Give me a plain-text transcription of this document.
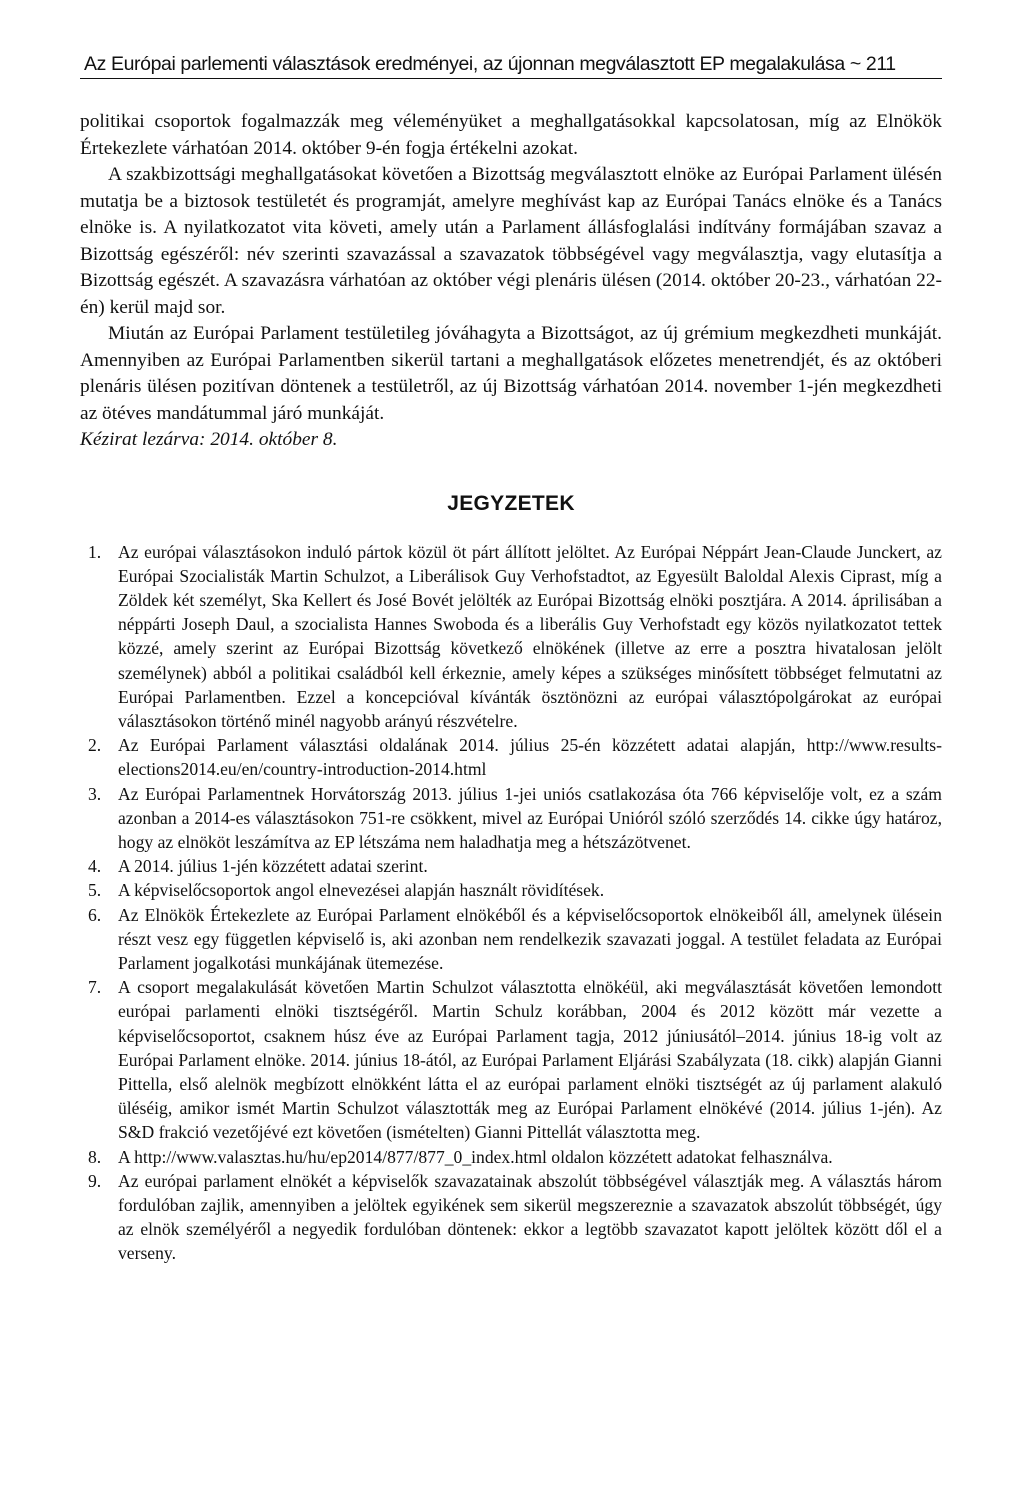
Az Európai parlementi választások eredményei, az újonnan megválasztott EP megalakulása ~ 211

politikai csoportok fogalmazzák meg véleményüket a meghallgatásokkal kapcsolatosan, míg az Elnökök Értekezlete várhatóan 2014. október 9-én fogja értékelni azokat.

A szakbizottsági meghallgatásokat követően a Bizottság megválasztott elnöke az Európai Parlament ülésén mutatja be a biztosok testületét és programját, amelyre meghívást kap az Európai Tanács elnöke és a Tanács elnöke is. A nyilatkozatot vita követi, amely után a Parlament állásfoglalási indítvány formájában szavaz a Bizottság egészéről: név szerinti szavazással a szavazatok többségével vagy megválasztja, vagy elutasítja a Bizottság egészét. A szavazásra várhatóan az október végi plenáris ülésen (2014. október 20-23., várhatóan 22-én) kerül majd sor.

Miután az Európai Parlament testületileg jóváhagyta a Bizottságot, az új grémium megkezdheti munkáját. Amennyiben az Európai Parlamentben sikerül tartani a meghallgatások előzetes menetrendjét, és az októberi plenáris ülésen pozitívan döntenek a testületről, az új Bizottság várhatóan 2014. november 1-jén megkezdheti az ötéves mandátummal járó munkáját.

Kézirat lezárva: 2014. október 8.

JEGYZETEK
1. Az európai választásokon induló pártok közül öt párt állított jelöltet. Az Európai Néppárt Jean-Claude Junckert, az Európai Szocialisták Martin Schulzot, a Liberálisok Guy Verhofstadtot, az Egyesült Baloldal Alexis Ciprast, míg a Zöldek két személyt, Ska Kellert és José Bovét jelölték az Európai Bizottság elnöki posztjára. A 2014. áprilisában a néppárti Joseph Daul, a szocialista Hannes Swoboda és a liberális Guy Verhofstadt egy közös nyilatkozatot tettek közzé, amely szerint az Európai Bizottság következő elnökének (illetve az erre a posztra hivatalosan jelölt személynek) abból a politikai családból kell érkeznie, amely képes a szükséges minősített többséget felmutatni az Európai Parlamentben. Ezzel a koncepcióval kívánták ösztönözni az európai választópolgárokat az európai választásokon történő minél nagyobb arányú részvételre.
2. Az Európai Parlament választási oldalának 2014. július 25-én közzétett adatai alapján, http://www.results-elections2014.eu/en/country-introduction-2014.html
3. Az Európai Parlamentnek Horvátország 2013. július 1-jei uniós csatlakozása óta 766 képviselője volt, ez a szám azonban a 2014-es választásokon 751-re csökkent, mivel az Európai Unióról szóló szerződés 14. cikke úgy határoz, hogy az elnököt leszámítva az EP létszáma nem haladhatja meg a hétszázötvenet.
4. A 2014. július 1-jén közzétett adatai szerint.
5. A képviselőcsoportok angol elnevezései alapján használt rövidítések.
6. Az Elnökök Értekezlete az Európai Parlament elnökéből és a képviselőcsoportok elnökeiből áll, amelynek ülésein részt vesz egy független képviselő is, aki azonban nem rendelkezik szavazati joggal. A testület feladata az Európai Parlament jogalkotási munkájának ütemezése.
7. A csoport megalakulását követően Martin Schulzot választotta elnökéül, aki megválasztását követően lemondott európai parlamenti elnöki tisztségéről. Martin Schulz korábban, 2004 és 2012 között már vezette a képviselőcsoportot, csaknem húsz éve az Európai Parlament tagja, 2012 júniusától–2014. június 18-ig volt az Európai Parlament elnöke. 2014. június 18-ától, az Európai Parlament Eljárási Szabályzata (18. cikk) alapján Gianni Pittella, első alelnök megbízott elnökként látta el az európai parlament elnöki tisztségét az új parlament alakuló üléséig, amikor ismét Martin Schulzot választották meg az Európai Parlament elnökévé (2014. július 1-jén). Az S&D frakció vezetőjévé ezt követően (ismételten) Gianni Pittellát választotta meg.
8. A http://www.valasztas.hu/hu/ep2014/877/877_0_index.html oldalon közzétett adatokat felhasználva.
9. Az európai parlament elnökét a képviselők szavazatainak abszolút többségével választják meg. A választás három fordulóban zajlik, amennyiben a jelöltek egyikének sem sikerül megszereznie a szavazatok abszolút többségét, úgy az elnök személyéről a negyedik fordulóban döntenek: ekkor a legtöbb szavazatot kapott jelöltek között dől el a verseny.
